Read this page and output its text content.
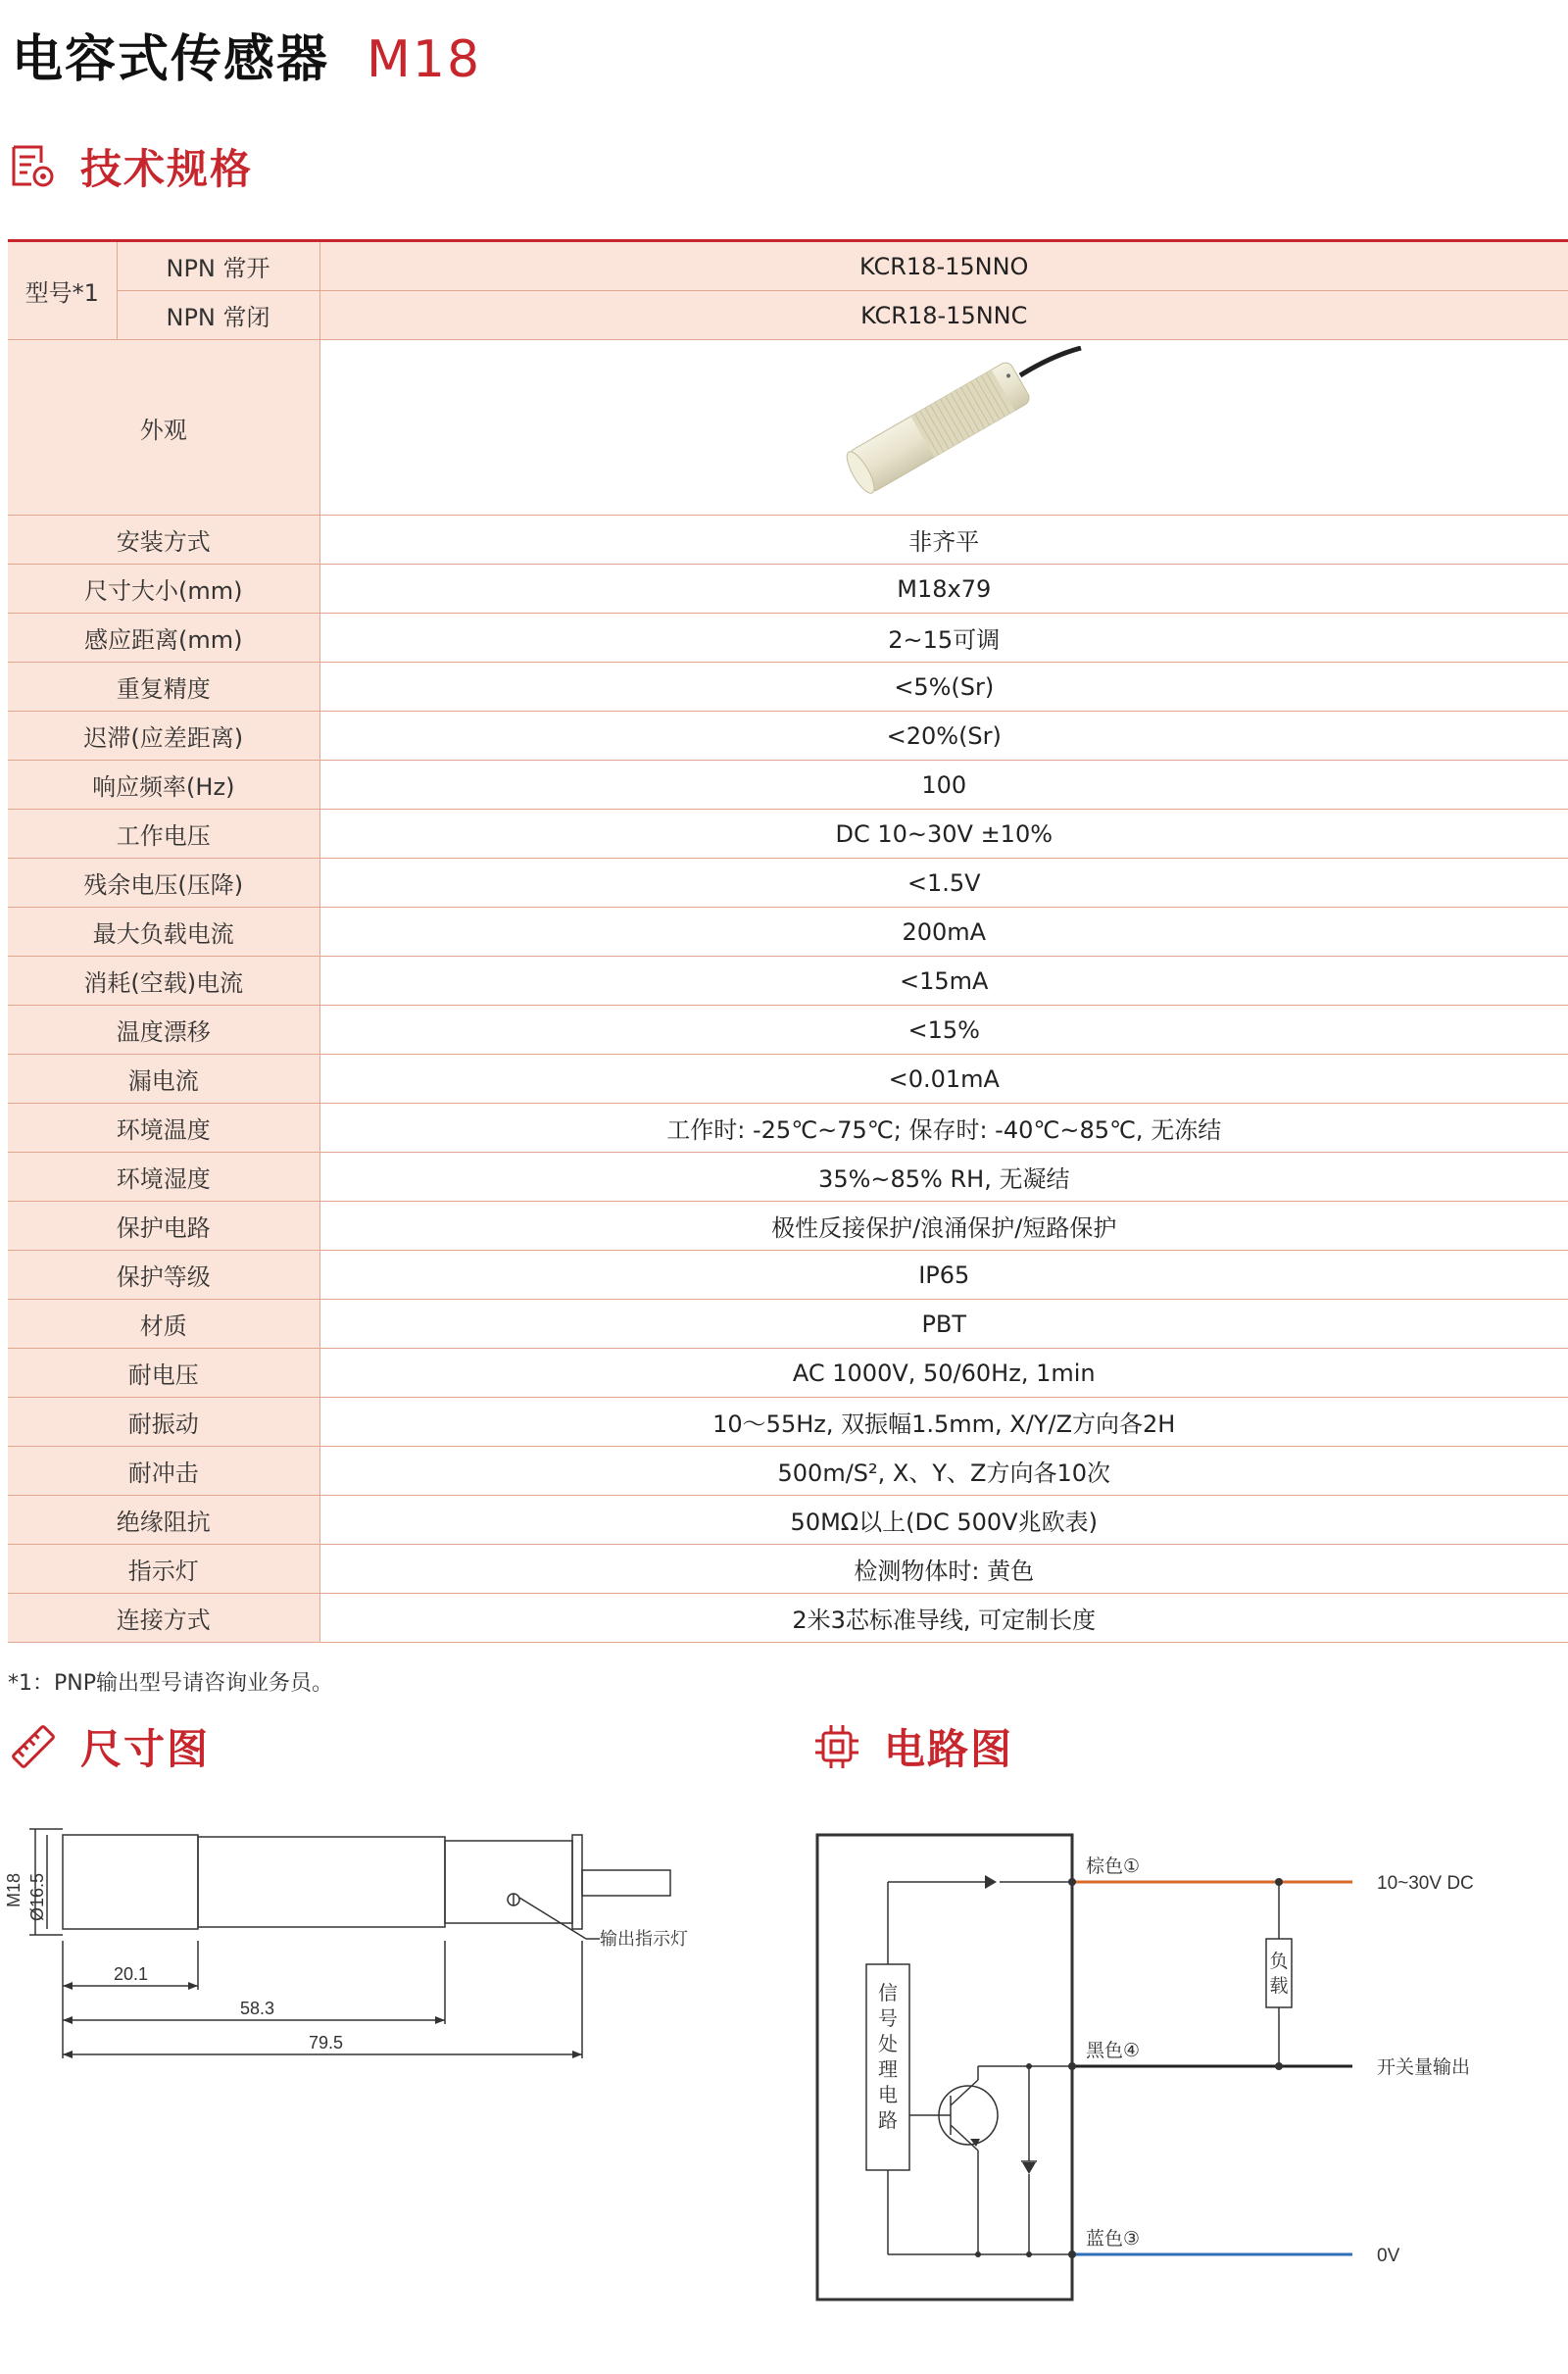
电容式传感器 M18
技术规格
型号*1	NPN 常开	KCR18-15NNO
	NPN 常闭	KCR18-15NNC
外观	
安装方式		非齐平
尺寸大小(mm)		M18x79
感应距离(mm)		2~15可调
重复精度		<5%(Sr)
迟滞(应差距离)		<20%(Sr)
响应频率(Hz)		100
工作电压		DC 10~30V ±10%
残余电压(压降)		<1.5V
最大负载电流		200mA
消耗(空载)电流		<15mA
温度漂移		<15%
漏电流		<0.01mA
环境温度		工作时: -25℃~75℃; 保存时: -40℃~85℃, 无冻结
环境湿度		35%~85% RH, 无凝结
保护电路		极性反接保护/浪涌保护/短路保护
保护等级		IP65
材质		PBT
耐电压		AC 1000V, 50/60Hz, 1min
耐振动		10～55Hz, 双振幅1.5mm, X/Y/Z方向各2H
耐冲击		500m/S², X、Y、Z方向各10次
绝缘阻抗		50MΩ以上(DC 500V兆欧表)
指示灯		检测物体时: 黄色
连接方式		2米3芯标准导线, 可定制长度
*1：PNP输出型号请咨询业务员。
尺寸图	电路图
M18 Ø16.5
20.1
58.3
79.5
输出指示灯
棕色①
黑色④
蓝色③
10~30V DC
开关量输出
0V
负
载
信
号
处
理
电
路
